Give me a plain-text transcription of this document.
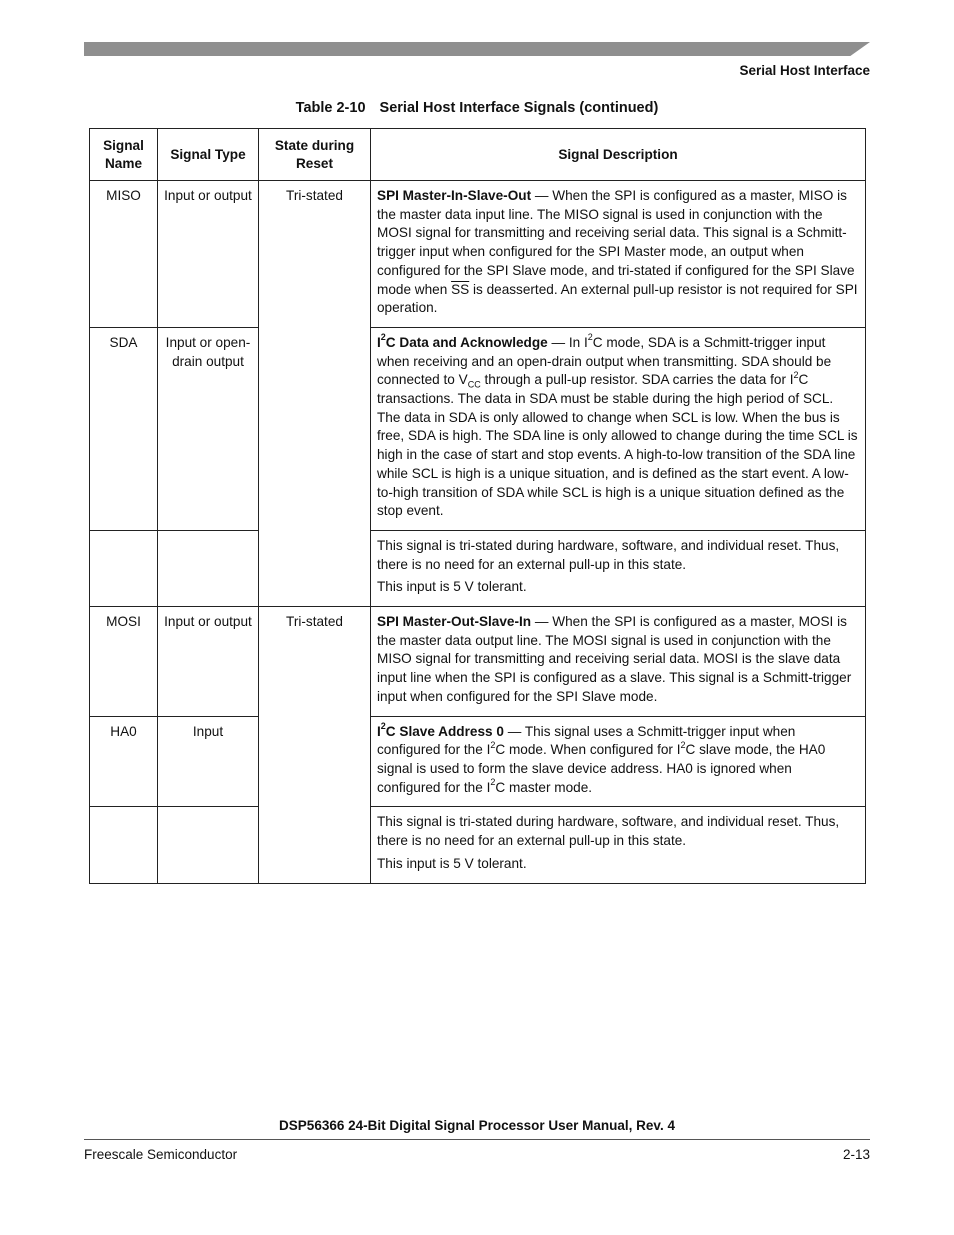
Serial Host Interface
Table 2-10 Serial Host Interface Signals (continued)
Signal Name	Signal Type	State during Reset	Signal Description
MISO	Input or output	Tri-stated	SPI Master-In-Slave-Out — When the SPI is configured as a master, MISO is the master data input line. The MISO signal is used in conjunction with the MOSI signal for transmitting and receiving serial data. This signal is a Schmitt-trigger input when configured for the SPI Master mode, an output when configured for the SPI Slave mode, and tri-stated if configured for the SPI Slave mode when $\overline{SS}$ is deasserted. An external pull-up resistor is not required for SPI operation.

SDA	Input or open-drain output		$I^2C$ Data and Acknowledge — In $I^2C$ mode, SDA is a Schmitt-trigger input when receiving and an open-drain output when transmitting. SDA should be connected to $V_{CC}$ through a pull-up resistor. SDA carries the data for $I^2C$ transactions. The data in SDA must be stable during the high period of SCL. The data in SDA is only allowed to change when SCL is low. When the bus is free, SDA is high. The SDA line is only allowed to change during the time SCL is high in the case of start and stop events. A high-to-low transition of the SDA line while SCL is high is a unique situation, and is defined as the start event. A low-to-high transition of SDA while SCL is high is a unique situation defined as the stop event.

			This signal is tri-stated during hardware, software, and individual reset. Thus, there is no need for an external pull-up in this state.

This input is 5 V tolerant.

MOSI	Input or output	Tri-stated	SPI Master-Out-Slave-In — When the SPI is configured as a master, MOSI is the master data output line. The MOSI signal is used in conjunction with the MISO signal for transmitting and receiving serial data. MOSI is the slave data input line when the SPI is configured as a slave. This signal is a Schmitt-trigger input when configured for the SPI Slave mode.

HA0	Input		$I^2C$ Slave Address 0 — This signal uses a Schmitt-trigger input when configured for the $I^2C$ mode. When configured for $I^2C$ slave mode, the HA0 signal is used to form the slave device address. HA0 is ignored when configured for the $I^2C$ master mode.

			This signal is tri-stated during hardware, software, and individual reset. Thus, there is no need for an external pull-up in this state.

This input is 5 V tolerant.

DSP56366 24-Bit Digital Signal Processor User Manual, Rev. 4
Freescale Semiconductor	2-13
